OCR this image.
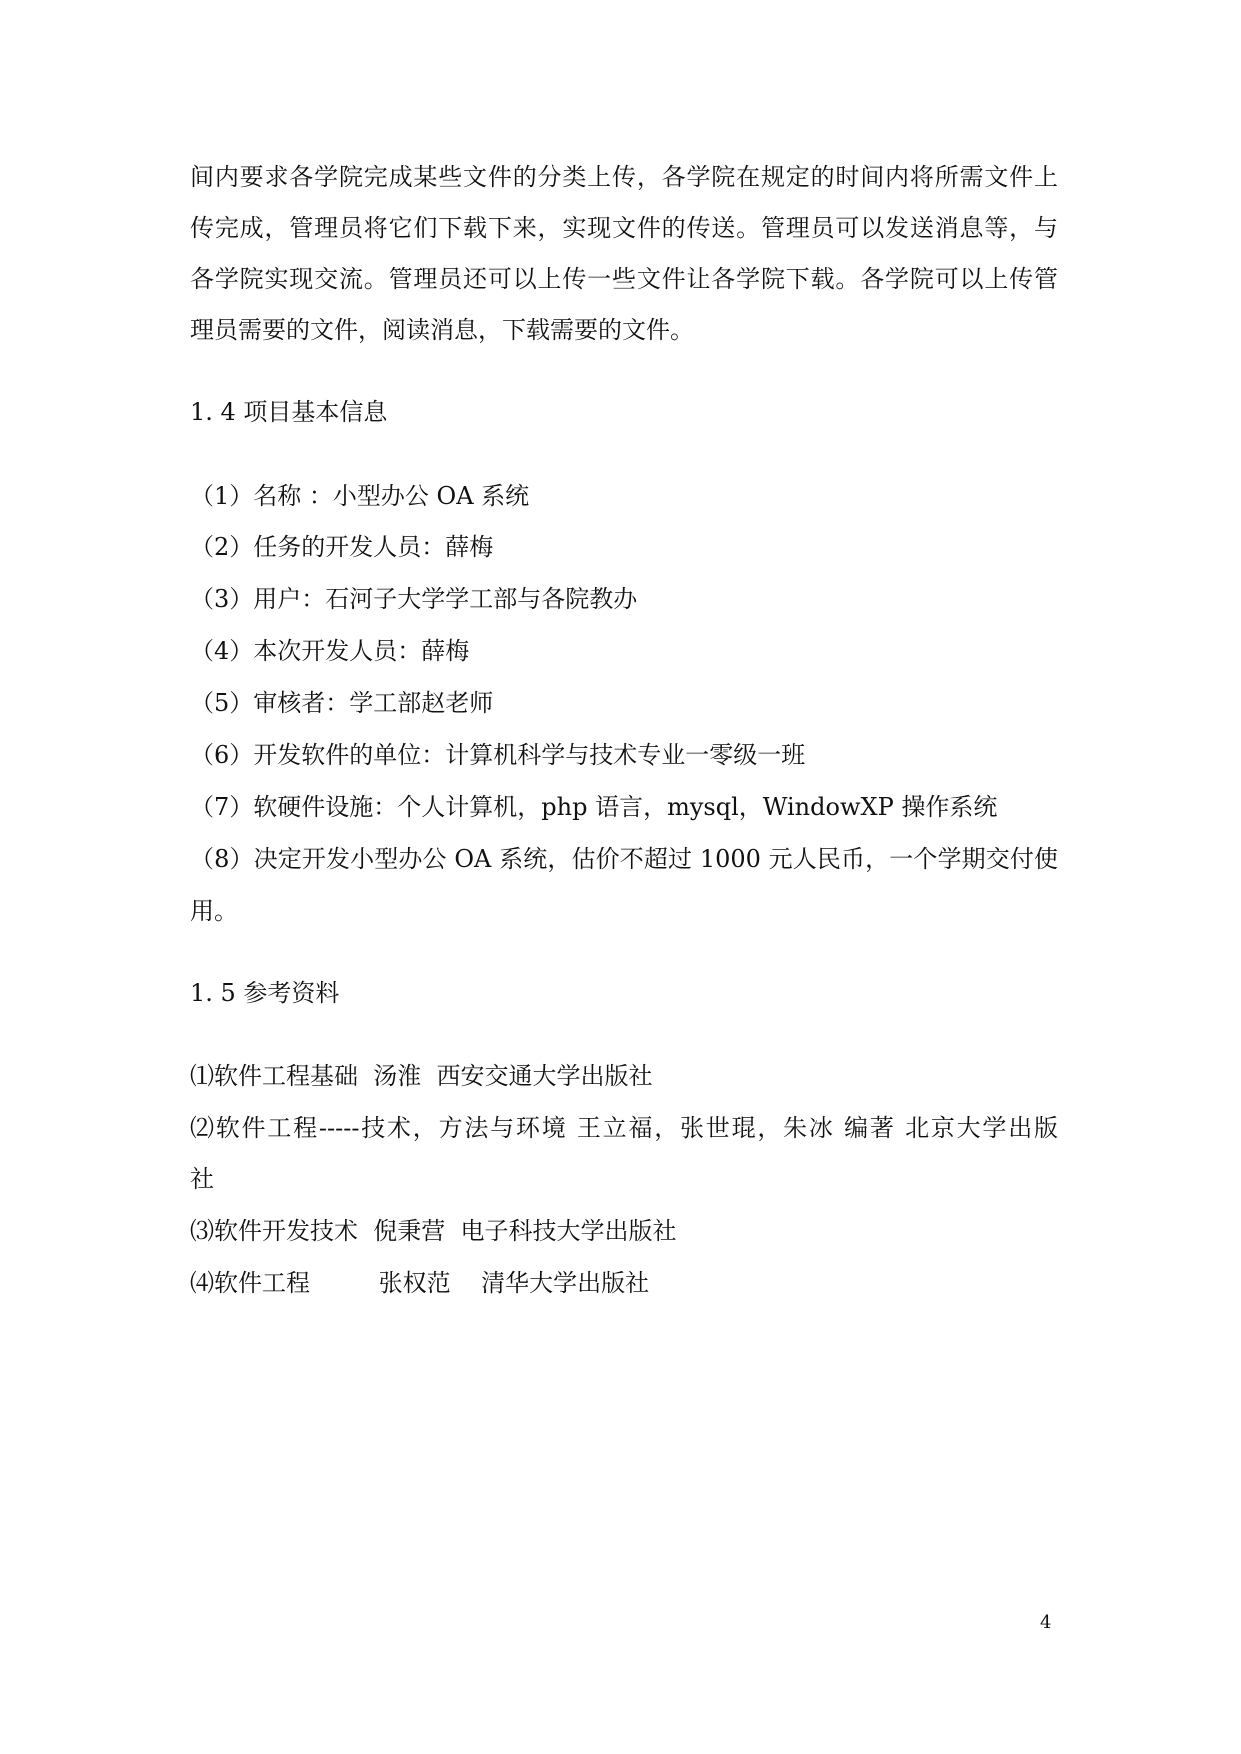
间内要求各学院完成某些文件的分类上传，各学院在规定的时间内将所需文件上
传完成，管理员将它们下载下来，实现文件的传送。管理员可以发送消息等，与
各学院实现交流。管理员还可以上传一些文件让各学院下载。各学院可以上传管
理员需要的文件，阅读消息，下载需要的文件。
1. 4 项目基本信息
（1）名称 ：小型办公 OA 系统
（2）任务的开发人员：薛梅
（3）用户：石河子大学学工部与各院教办
（4）本次开发人员：薛梅
（5）审核者：学工部赵老师
（6）开发软件的单位：计算机科学与技术专业一零级一班
（7）软硬件设施：个人计算机，php 语言，mysql，WindowXP 操作系统
（8）决定开发小型办公 OA 系统，估价不超过 1000 元人民币，一个学期交付使
用。
1. 5 参考资料
⑴软件工程基础  汤淮  西安交通大学出版社
⑵软件工程-----技术，方法与环境 王立福，张世琨，朱冰 编著 北京大学出版
社
⑶软件开发技术  倪秉营  电子科技大学出版社
⑷软件工程         张权范    清华大学出版社
4
